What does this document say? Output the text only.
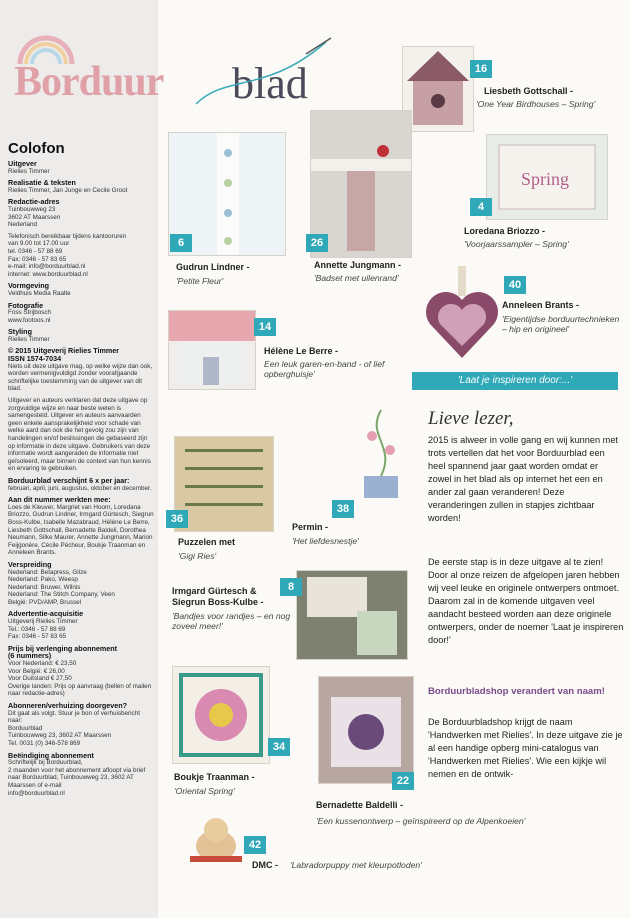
Borduur blad
Colofon
Uitgever

Rielies Timmer

Realisatie & teksten

Rielies Timmer, Jan Junge en Cecile Groot

Redactie-adres

Tuinbouwweg 23
3602 AT Maarssen
Nederland

Telefonisch bereikbaar tijdens kantooruren
van 9.00 tot 17.00 uur
tel. 0346 - 57 88 69
Fax: 0346 - 57 83 65
e-mail: info@borduurblad.nl
internet: www.borduurblad.nl

Vormgeving

Veldhuis Media Raalte

Fotografie

Foss Strijbosch
www.footoos.nl

Styling

Rielies Timmer

© 2015 Uitgeverij Rielies Timmer
ISSN 1574-7034

Niets uit deze uitgave mag, op welke wijze dan ook, worden vermenigvuldigd zonder voorafgaande schriftelijke toestemming van de uitgever van dit blad.

Uitgever en auteurs verklaren dat deze uitgave op zorgvuldige wijze en naar beste weten is samengesteld. Uitgever en auteurs aanvaarden geen enkele aansprakelijkheid voor schade van welke aard dan ook die het gevolg zou zijn van handelingen en/of beslissingen die gebaseerd zijn op informatie in deze uitgave. Gebruikers van deze informatie wordt aangeraden de informatie niet geïsoleerd, maar binnen de context van hun kennis en ervaring te gebruiken.

Borduurblad verschijnt 6 x per jaar:

februari, april, juni, augustus, oktober en december.

Aan dit nummer werkten mee:

Loes de Kleuver, Margriet van Hoorn, Loredana Briozzo, Gudrun Lindner, Irmgard Gürtesch, Siegrun Boss-Kulbe, Isabelle Mazabraud, Hélène Le Berre, Liesbeth Gottschall, Bernadette Baldeli, Dorothea Neumann, Silke Maurer, Annette Jungmann, Marion Feijgonère, Cécile Pécheur, Boukje Traanman en Anneleen Brants.

Verspreiding

Nederland: Betapress, Gilze
Nederland: Pako, Weesp
Nederland: Bruwer, Wilnis
Nederland: The Stitch Company, Veen
België: PVD/AMP, Brussel

Advertentie-acquisitie

Uitgeverij Rielies Timmer
Tel.: 0346 - 57 88 69
Fax: 0346 - 57 83 65

Prijs bij verlenging abonnement
(6 nummers)

Voor Nederland: € 23,50
Voor België: € 26,00
Voor Duitsland € 27,50
Overige landen: Prijs op aanvraag (bellen of mailen naar redactie-adres)

Abonneren/verhuizing doorgeven?

Dit gaat als volgt. Stuur je bon of verhuisbericht naar:
Borduurblad
Tuinbouwweg 23, 3602 AT Maarssen
Tel. 0031 (0) 346-578 869

Beëindiging abonnement

Schriftelijk bij Borduurblad,
2 maanden voor het abonnement afloopt via brief naar Borduurblad, Tuinbouwweg 23, 3602 AT Maarssen of e-mail
info@borduurblad.nl

16
Liesbeth Gottschall -
'One Year Birdhouses – Spring'
Spring
4
Loredana Briozzo -
'Voorjaarssampler – Spring'
6
Gudrun Lindner -
'Petite Fleur'
26
Annette Jungmann -
'Badset met uilenrand'
40
Anneleen Brants -
'Eigentijdse borduurtechnieken – hip en origineel'
14
Hélène Le Berre -
Een leuk garen-en-band - of lief opberghuisje'
'Laat je inspireren door:...'
36
Puzzelen met
'Gigi Ries'
38
Permin -
'Het liefdesnestje'
8
Irmgard Gürtesch & Siegrun Boss-Kulbe -
'Bandjes voor randjes – en nog zoveel meer!'
34
Boukje Traanman -
'Oriental Spring'
22
Bernadette Baldelli -
'Een kussenontwerp – geïnspireerd op de Alpenkoeien'
42
DMC - 'Labradorpuppy met kleurpotloden'
Lieve lezer,

2015 is alweer in volle gang en wij kunnen met trots vertellen dat het voor Borduurblad een heel spannend jaar gaat worden omdat er zowel in het blad als op internet het een en ander zal gaan veranderen! Deze veranderingen zullen in stapjes zichtbaar worden!

De eerste stap is in deze uitgave al te zien! Door al onze reizen de afgelopen jaren hebben wij veel leuke en originele ontwerpers ontmoet. Daarom zal in de komende uitgaven veel aandacht besteed worden aan deze originele ontwerpers, onder de noemer 'Laat je inspireren door!'

Borduurbladshop verandert van naam!

De Borduurbladshop krijgt de naam 'Handwerken met Rielies'. In deze uitgave zie je al een handige opberg mini-catalogus van 'Handwerken met Rielies'. Wie een kijkje wil nemen en de ontwik-
